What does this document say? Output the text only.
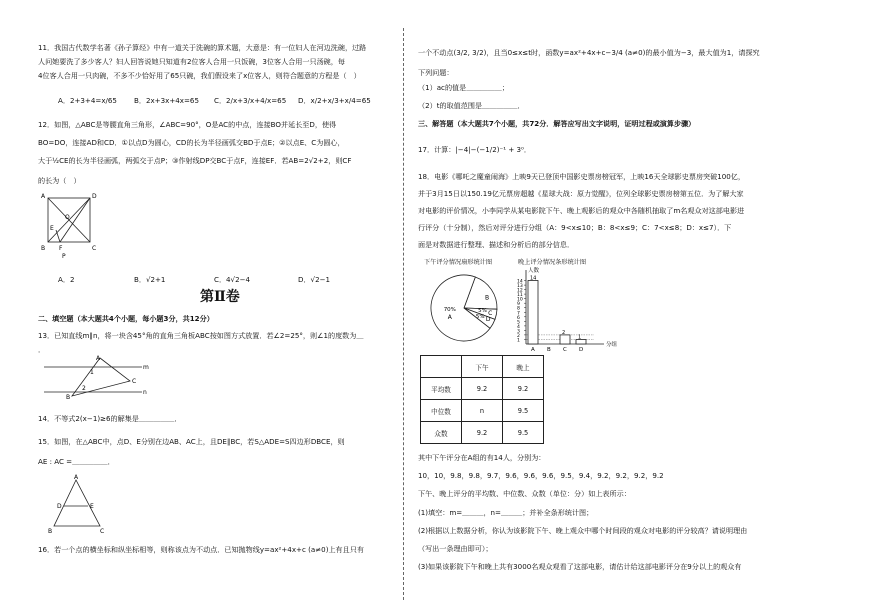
11．我国古代数学名著《孙子算经》中有一道关于洗碗的算术题，大意是：有一位妇人在河边洗碗，过路
人问她要洗了多少客人？妇人回答说她只知道有2位客人合用一只饭碗，3位客人合用一只汤碗，每
4位客人合用一只肉碗，不多不少恰好用了65只碗，我们假设来了x位客人，则符合题意的方程是（　）
A．2+3+4=x/65 B．2x+3x+4x=65 C．2/x+3/x+4/x=65 D．x/2+x/3+x/4=65
12．如图，△ABC是等腰直角三角形，∠ABC=90°，O是AC的中点，连接BO并延长至D，使得
BO=DO，连接AD和CD．①以点D为圆心，CD的长为半径画弧交BD于点E；②以点E、C为圆心，
大于½CE的长为半径画弧，两弧交于点P；③作射线DP交BC于点F，连接EF．若AB=2√2+2，则CF
的长为（　）
A	D
O
E
B F	C
P
A．2	B．√2+1	C．4√2−4	D．√2−1
第Ⅱ卷
二、填空题（本大题共4个小题，每小题3分，共12分）
13．已知直线m∥n，将一块含45°角的直角三角板ABC按如图方式放置．若∠2=25°，则∠1的度数为＿
．
A
1
m
n
2
B
C
14．不等式2(x−1)≥6的解集是＿＿＿＿＿．
15．如图，在△ABC中，点D、E分别在边AB、AC上，且DE∥BC，若S△ADE=S四边形DBCE，则
AE : AC =＿＿＿＿＿．
A
D	E
B	C
16．若一个点的横坐标和纵坐标相等，则称该点为不动点．已知抛物线y=ax²+4x+c (a≠0)上有且只有
一个不动点(3/2, 3/2)，且当0≤x≤t时，函数y=ax²+4x+c−3/4 (a≠0)的最小值为−3，最大值为1，请探究
下列问题：
（1）ac的值是＿＿＿＿＿；
（2）t的取值范围是＿＿＿＿＿．
三、解答题（本大题共7个小题，共72分．解答应写出文字说明，证明过程或演算步骤）
17．计算：|−4|−(−1/2)⁻¹ + 3⁰．
18．电影《哪吒之魔童闹海》上映9天已登顶中国影史票房榜冠军，上映16天全球影史票房突破100亿，
并于3月15日以150.19亿元票房超越《星球大战：原力觉醒》，位列全球影史票房榜第五位．为了解大家
对电影的评价情况，小李同学从某电影院下午、晚上观影后的观众中各随机抽取了m名观众对这部电影进
行评分（十分制），然后对评分进行分组（A：9<x≤10；B：8<x≤9；C：7<x≤8；D：x≤7）．下
面是对数据进行整理、描述和分析后的部分信息．
下午评分情况扇形统计图
B
5% C
5% D
70%
A
晚上评分情况条形统计图
1
2
3
4
5
6
7
8
9
10
11
12
13
14
人数
分组
14
A B
2
C
1
D
	下午	晚上
平均数	9.2	9.2
中位数	n	9.5
众数	9.2	9.5
其中下午评分在A组的有14人，分别为：
10，10，9.8，9.8，9.7，9.6，9.6，9.6，9.5，9.4，9.2，9.2，9.2，9.2
下午、晚上评分的平均数、中位数、众数（单位：分）如上表所示：
(1)填空：m=＿＿＿，n=＿＿＿；并补全条形统计图；
(2)根据以上数据分析，你认为该影院下午、晚上观众中哪个时间段的观众对电影的评分较高？请说明理由
（写出一条理由即可）；
(3)如果该影院下午和晚上共有3000名观众观看了这部电影，请估计给这部电影评分在9分以上的观众有
